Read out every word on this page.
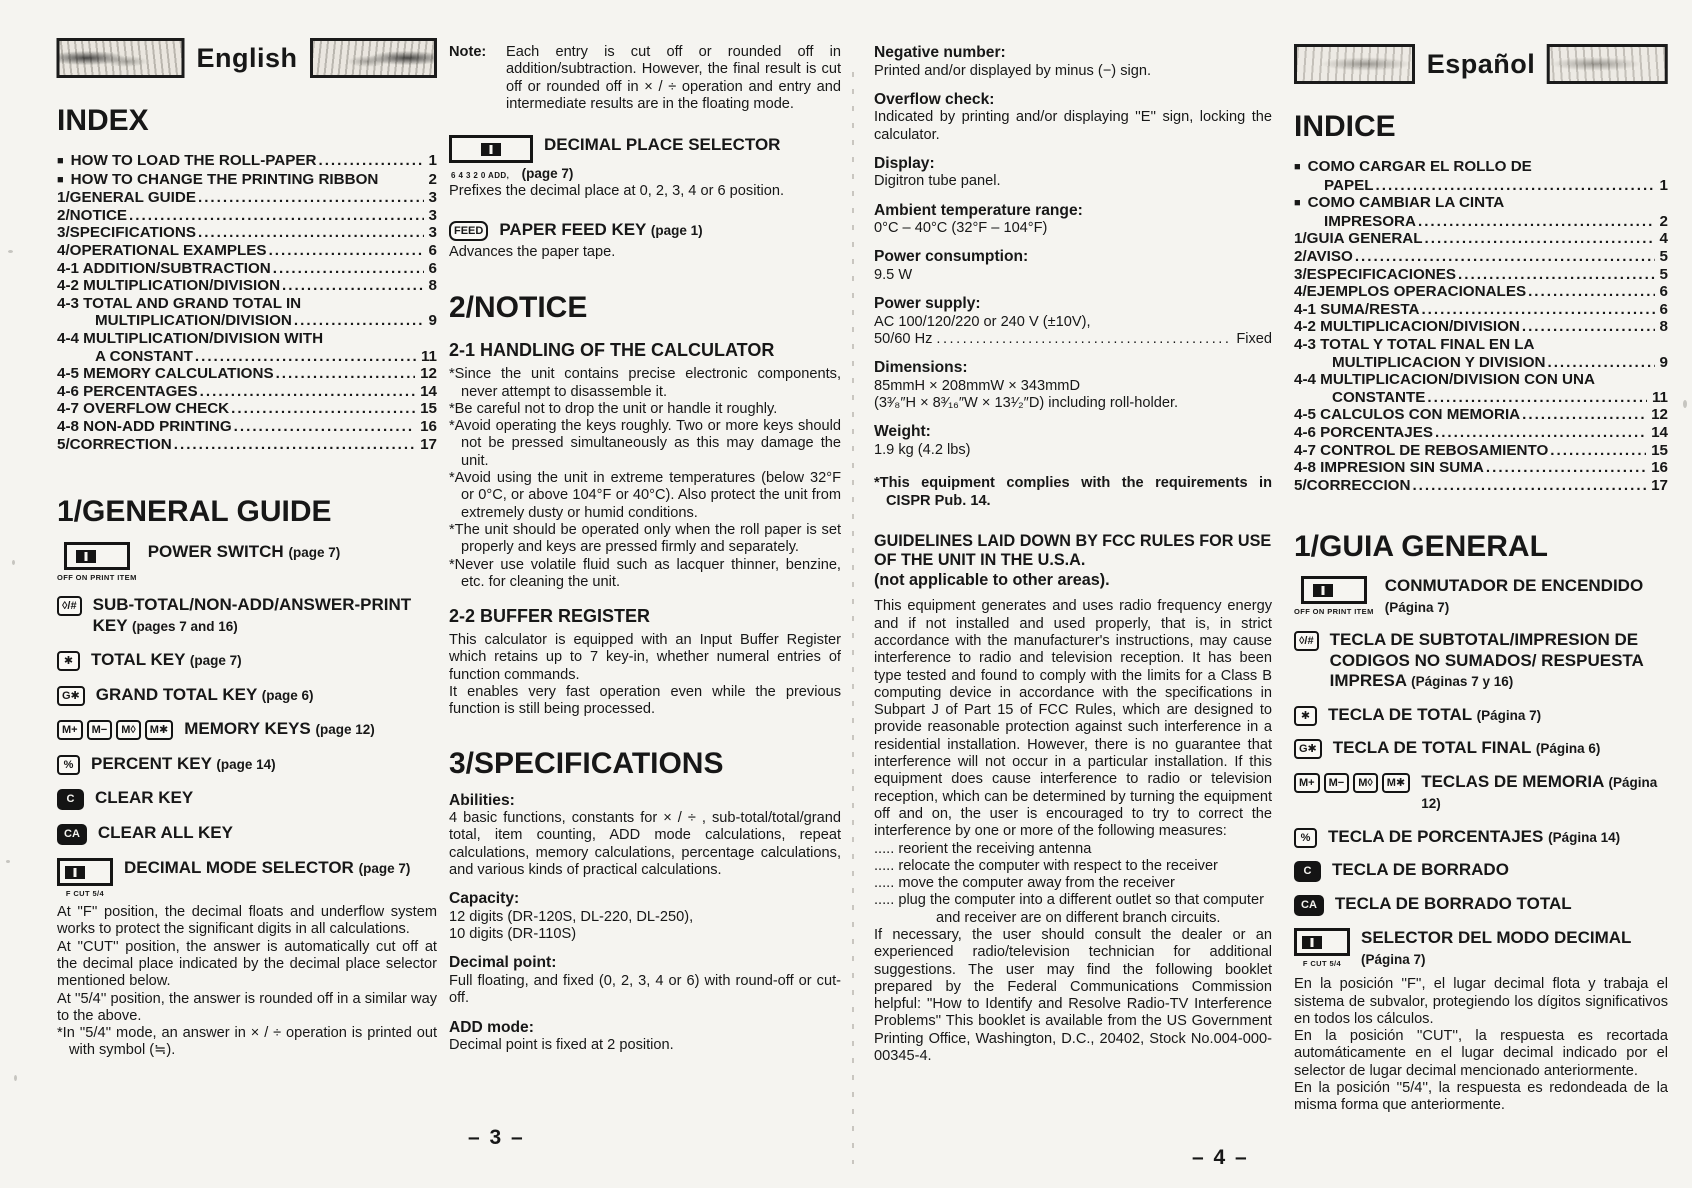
English
INDEX
■ HOW TO LOAD THE ROLL-PAPER .....	1
■ HOW TO CHANGE THE PRINTING RIBBON	2
1/GENERAL GUIDE .....	3
2/NOTICE .....	3
3/SPECIFICATIONS .....	3
4/OPERATIONAL EXAMPLES .....	6
4-1 ADDITION/SUBTRACTION .....	6
4-2 MULTIPLICATION/DIVISION .....	8
4-3 TOTAL AND GRAND TOTAL IN
MULTIPLICATION/DIVISION .....	9
4-4 MULTIPLICATION/DIVISION WITH
A CONSTANT .....	11
4-5 MEMORY CALCULATIONS .....	12
4-6 PERCENTAGES .....	14
4-7 OVERFLOW CHECK .....	15
4-8 NON-ADD PRINTING .....	16
5/CORRECTION .....	17
1/GENERAL GUIDE
OFF ON PRINT ITEM
POWER SWITCH (page 7)
◊/# SUB-TOTAL/NON-ADD/ANSWER-PRINT KEY (pages 7 and 16)
✱	TOTAL KEY (page 7)
G✱ GRAND TOTAL KEY (page 6)
M+	M−	M◊	M✱ MEMORY KEYS (page 12)
%	PERCENT KEY (page 14)
C	CLEAR KEY
CA	CLEAR ALL KEY
F CUT 5/4
DECIMAL MODE SELECTOR (page 7)
At ''F'' position, the decimal floats and underflow system works to protect the significant digits in all calculations.
At ''CUT'' position, the answer is automatically cut off at the decimal place indicated by the decimal place selector mentioned below.
At ''5/4'' position, the answer is rounded off in a similar way to the above.
*In ''5/4'' mode, an answer in × / ÷ operation is printed out with symbol (≒).
Note: Each entry is cut off or rounded off in addition/subtraction. However, the final result is cut off or rounded off in × / ÷ operation and entry and intermediate results are in the floating mode.
DECIMAL PLACE SELECTOR
6 4 3 2 0 ADD, (page 7)
Prefixes the decimal place at 0, 2, 3, 4 or 6 position.
FEED PAPER FEED KEY (page 1)
Advances the paper tape.
2/NOTICE
2-1 HANDLING OF THE CALCULATOR
*Since the unit contains precise electronic components, never attempt to disassemble it.
*Be careful not to drop the unit or handle it roughly.
*Avoid operating the keys roughly. Two or more keys should not be pressed simultaneously as this may damage the unit.
*Avoid using the unit in extreme temperatures (below 32°F or 0°C, or above 104°F or 40°C). Also protect the unit from extremely dusty or humid conditions.
*The unit should be operated only when the roll paper is set properly and keys are pressed firmly and separately.
*Never use volatile fluid such as lacquer thinner, benzine, etc. for cleaning the unit.
2-2 BUFFER REGISTER
This calculator is equipped with an Input Buffer Register which retains up to 7 key-in, whether numeral entries of function commands.
It enables very fast operation even while the previous function is still being processed.
3/SPECIFICATIONS
Abilities:
4 basic functions, constants for × / ÷ , sub-total/total/grand total, item counting, ADD mode calculations, repeat calculations, memory calculations, percentage calculations, and various kinds of practical calculations.
Capacity:
12 digits (DR-120S, DL-220, DL-250),
10 digits (DR-110S)
Decimal point:
Full floating, and fixed (0, 2, 3, 4 or 6) with round-off or cut-off.
ADD mode:
Decimal point is fixed at 2 position.
Negative number:
Printed and/or displayed by minus (−) sign.
Overflow check:
Indicated by printing and/or displaying ''E'' sign, locking the calculator.
Display:
Digitron tube panel.
Ambient temperature range:
0°C – 40°C (32°F – 104°F)
Power consumption:
9.5 W
Power supply:
AC 100/120/220 or 240 V (±10V),
50/60 Hz .....	Fixed
Dimensions:
85mmH × 208mmW × 343mmD
(3³⁄₈″H × 8³⁄₁₆″W × 13¹⁄₂″D) including roll-holder.
Weight:
1.9 kg (4.2 lbs)
*This equipment complies with the requirements in CISPR Pub. 14.
GUIDELINES LAID DOWN BY FCC RULES FOR USE OF THE UNIT IN THE U.S.A.
(not applicable to other areas).
This equipment generates and uses radio frequency energy and if not installed and used properly, that is, in strict accordance with the manufacturer's instructions, may cause interference to radio and television reception. It has been type tested and found to comply with the limits for a Class B computing device in accordance with the specifications in Subpart J of Part 15 of FCC Rules, which are designed to provide reasonable protection against such interference in a residential installation. However, there is no guarantee that interference will not occur in a particular installation. If this equipment does cause interference to radio or television reception, which can be determined by turning the equipment off and on, the user is encouraged to try to correct the interference by one or more of the following measures:
..... reorient the receiving antenna
..... relocate the computer with respect to the receiver
..... move the computer away from the receiver
..... plug the computer into a different outlet so that computer and receiver are on different branch circuits.
If necessary, the user should consult the dealer or an experienced radio/television technician for additional suggestions. The user may find the following booklet prepared by the Federal Communications Commission helpful: ''How to Identify and Resolve Radio-TV Interference Problems'' This booklet is available from the US Government Printing Office, Washington, D.C., 20402, Stock No.004-000-00345-4.
Español
INDICE
■ COMO CARGAR EL ROLLO DE
PAPEL .....	1
■ COMO CAMBIAR LA CINTA
IMPRESORA .....	2
1/GUIA GENERAL .....	4
2/AVISO .....	5
3/ESPECIFICACIONES .....	5
4/EJEMPLOS OPERACIONALES .....	6
4-1 SUMA/RESTA .....	6
4-2 MULTIPLICACION/DIVISION .....	8
4-3 TOTAL Y TOTAL FINAL EN LA
MULTIPLICACION Y DIVISION .....	9
4-4 MULTIPLICACION/DIVISION CON UNA
CONSTANTE .....	11
4-5 CALCULOS CON MEMORIA .....	12
4-6 PORCENTAJES .....	14
4-7 CONTROL DE REBOSAMIENTO .....	15
4-8 IMPRESION SIN SUMA .....	16
5/CORRECCION .....	17
1/GUIA GENERAL
OFF ON PRINT ITEM
CONMUTADOR DE ENCENDIDO (Página 7)
◊/# TECLA DE SUBTOTAL/IMPRESION DE CODIGOS NO SUMADOS/ RESPUESTA IMPRESA (Páginas 7 y 16)
✱	TECLA DE TOTAL (Página 7)
G✱ TECLA DE TOTAL FINAL (Página 6)
M+	M−	M◊	M✱ TECLAS DE MEMORIA (Página 12)
%	TECLA DE PORCENTAJES (Página 14)
C	TECLA DE BORRADO
CA	TECLA DE BORRADO TOTAL
F CUT 5/4
SELECTOR DEL MODO DECIMAL (Página 7)
En la posición ''F'', el lugar decimal flota y trabaja el sistema de subvalor, protegiendo los dígitos significativos en todos los cálculos.
En la posición ''CUT'', la respuesta es recortada automáticamente en el lugar decimal indicado por el selector de lugar decimal mencionado anteriormente.
En la posición ''5/4'', la respuesta es redondeada de la misma forma que anteriormente.
– 3 –
– 4 –
